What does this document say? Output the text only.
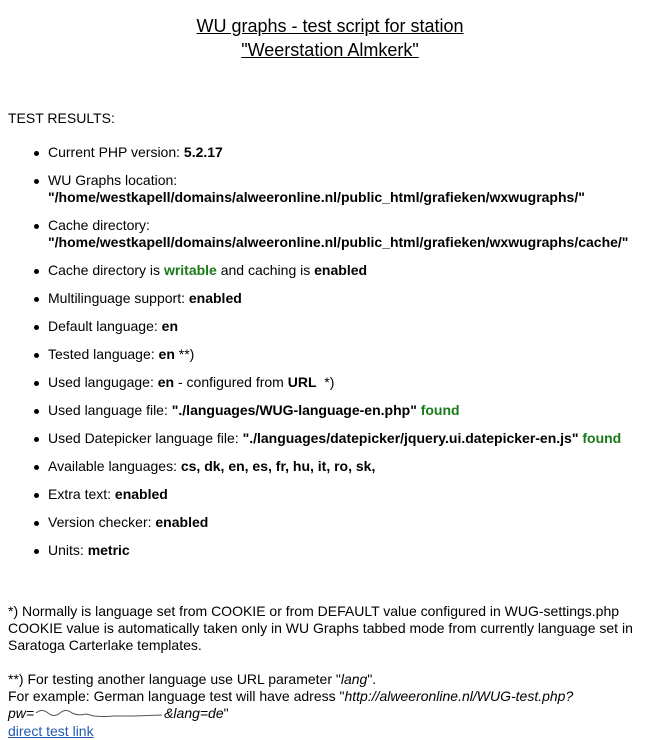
WU graphs - test script for station
"Weerstation Almkerk"
TEST RESULTS:
Current PHP version: 5.2.17
WU Graphs location:
"/home/westkapell/domains/alweeronline.nl/public_html/grafieken/wxwugraphs/"
Cache directory:
"/home/westkapell/domains/alweeronline.nl/public_html/grafieken/wxwugraphs/cache/"
Cache directory is writable and caching is enabled
Multilinguage support: enabled
Default language: en
Tested language: en **)
Used langugage: en - configured from URL *)
Used language file: "./languages/WUG-language-en.php" found
Used Datepicker language file: "./languages/datepicker/jquery.ui.datepicker-en.js" found
Available languages: cs, dk, en, es, fr, hu, it, ro, sk,
Extra text: enabled
Version checker: enabled
Units: metric

*) Normally is language set from COOKIE or from DEFAULT value configured in WUG-settings.php

COOKIE value is automatically taken only in WU Graphs tabbed mode from currently language set in

Saratoga Carterlake templates.

**) For testing another language use URL parameter "lang".

For example: German language test will have adress "http://alweeronline.nl/WUG-test.php?

pw=	&lang=de"

direct test link
